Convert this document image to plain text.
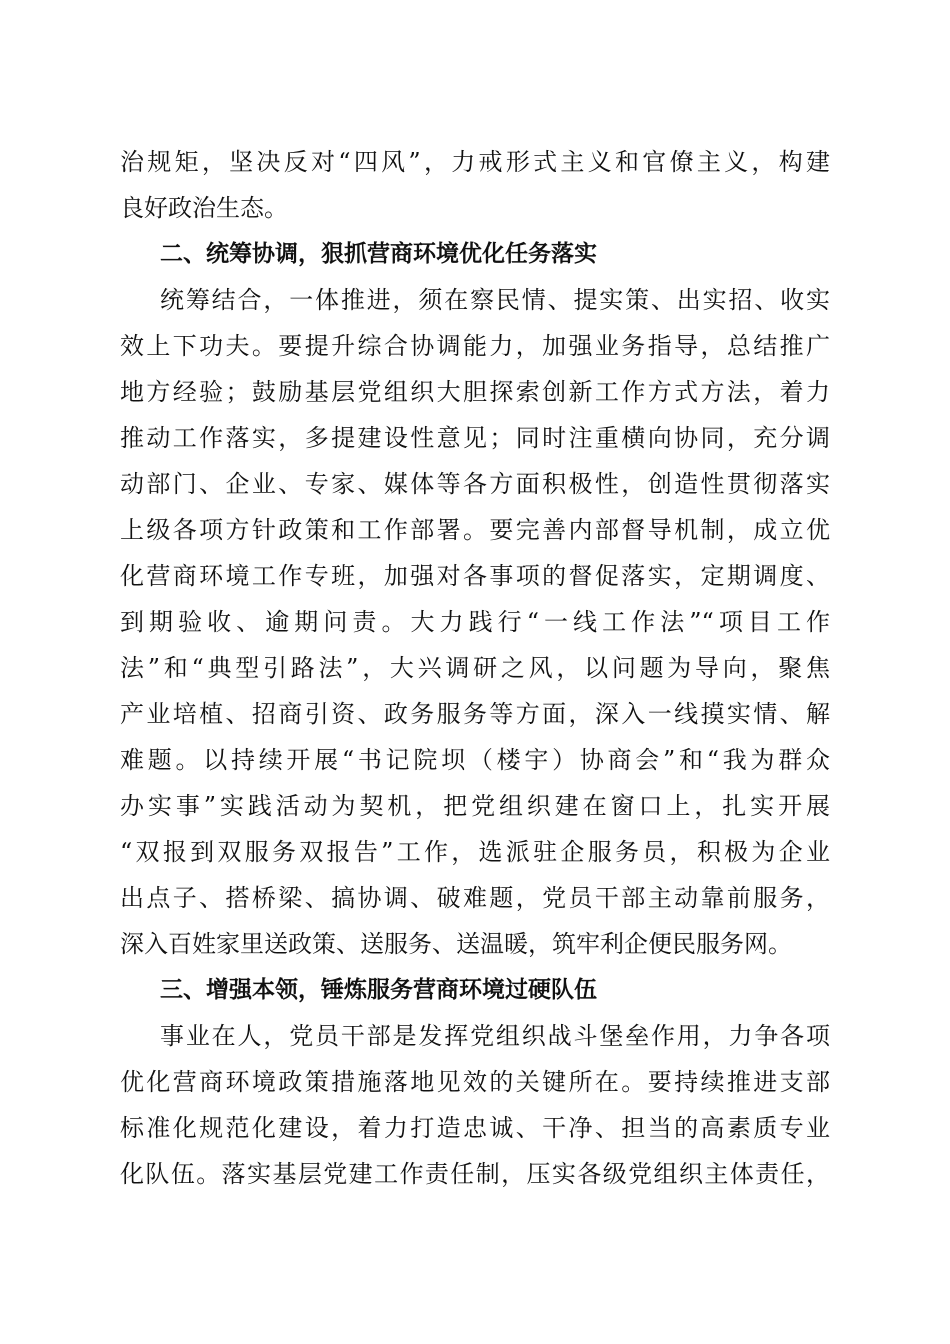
治规矩，坚决反对“四风”，力戒形式主义和官僚主义，构建
良好政治生态。
二、统筹协调，狠抓营商环境优化任务落实
统筹结合，一体推进，须在察民情、提实策、出实招、收实
效上下功夫。要提升综合协调能力，加强业务指导，总结推广
地方经验；鼓励基层党组织大胆探索创新工作方式方法，着力
推动工作落实，多提建设性意见；同时注重横向协同，充分调
动部门、企业、专家、媒体等各方面积极性，创造性贯彻落实
上级各项方针政策和工作部署。要完善内部督导机制，成立优
化营商环境工作专班，加强对各事项的督促落实，定期调度、
到期验收、逾期问责。大力践行“一线工作法”“项目工作
法”和“典型引路法”，大兴调研之风，以问题为导向，聚焦
产业培植、招商引资、政务服务等方面，深入一线摸实情、解
难题。以持续开展“书记院坝（楼宇）协商会”和“我为群众
办实事”实践活动为契机，把党组织建在窗口上，扎实开展
“双报到双服务双报告”工作，选派驻企服务员，积极为企业
出点子、搭桥梁、搞协调、破难题，党员干部主动靠前服务，
深入百姓家里送政策、送服务、送温暖，筑牢利企便民服务网。
三、增强本领，锤炼服务营商环境过硬队伍
事业在人，党员干部是发挥党组织战斗堡垒作用，力争各项
优化营商环境政策措施落地见效的关键所在。要持续推进支部
标准化规范化建设，着力打造忠诚、干净、担当的高素质专业
化队伍。落实基层党建工作责任制，压实各级党组织主体责任，
